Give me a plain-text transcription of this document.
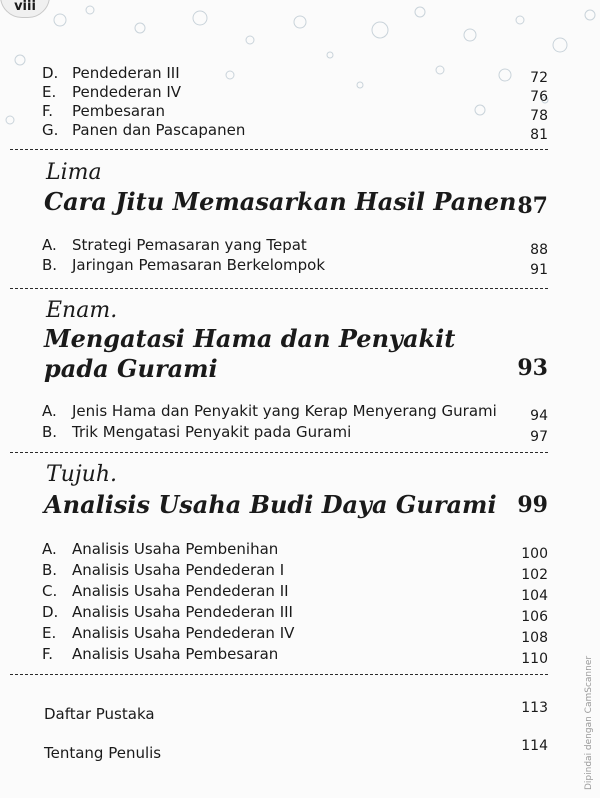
viii
D. Pendederan III	72
E. Pendederan IV	76
F. Pembesaran	78
G. Panen dan Pascapanen	81
Lima
Cara Jitu Memasarkan Hasil Panen 87
A. Strategi Pemasaran yang Tepat	88
B. Jaringan Pemasaran Berkelompok	91
Enam.
Mengatasi Hama dan Penyakit
pada Gurami	93
A. Jenis Hama dan Penyakit yang Kerap Menyerang Gurami 94
B. Trik Mengatasi Penyakit pada Gurami	97
Tujuh.
Analisis Usaha Budi Daya Gurami 99
A. Analisis Usaha Pembenihan	100
B. Analisis Usaha Pendederan I	102
C. Analisis Usaha Pendederan II	104
D. Analisis Usaha Pendederan III	106
E. Analisis Usaha Pendederan IV	108
F. Analisis Usaha Pembesaran	110
Daftar Pustaka	113
Tentang Penulis	114	Dipindai dengan CamScanner
